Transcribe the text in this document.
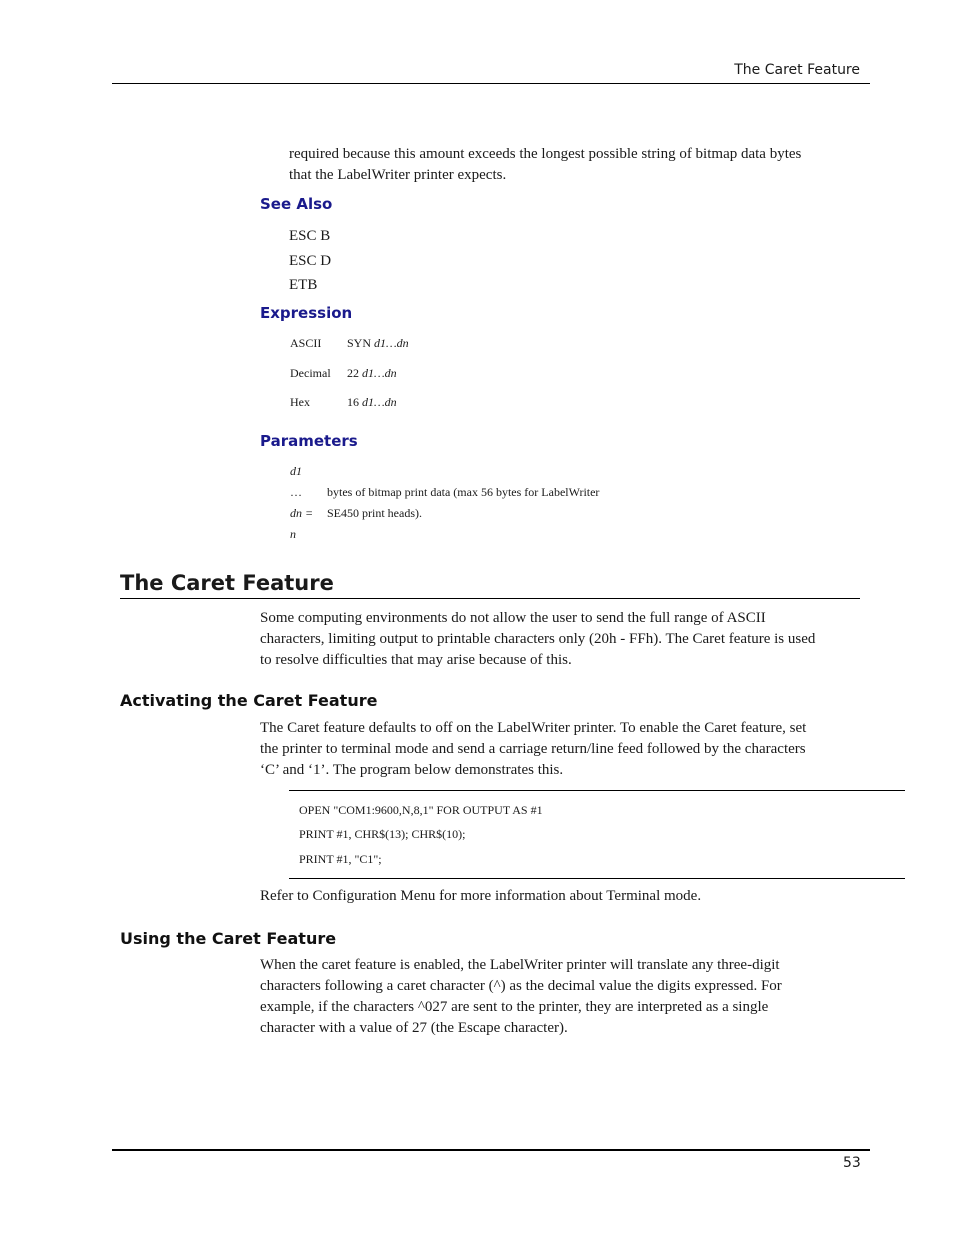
The Caret Feature
required because this amount exceeds the longest possible string of bitmap data bytes
that the LabelWriter printer expects.
See Also
ESC B
ESC D
ETB
Expression
ASCII SYN d1…dn
Decimal 22 d1…dn
Hex	16 d1…dn
Parameters
d1
…
dn =
n
bytes of bitmap print data (max 56 bytes for LabelWriter
SE450 print heads).
The Caret Feature
Some computing environments do not allow the user to send the full range of ASCII
characters, limiting output to printable characters only (20h - FFh). The Caret feature is used
to resolve difficulties that may arise because of this.
Activating the Caret Feature
The Caret feature defaults to off on the LabelWriter printer. To enable the Caret feature, set
the printer to terminal mode and send a carriage return/line feed followed by the characters
‘C’ and ‘1’. The program below demonstrates this.
OPEN "COM1:9600,N,8,1" FOR OUTPUT AS #1
PRINT #1, CHR$(13); CHR$(10);
PRINT #1, "C1";
Refer to Configuration Menu for more information about Terminal mode.
Using the Caret Feature
When the caret feature is enabled, the LabelWriter printer will translate any three-digit
characters following a caret character (^) as the decimal value the digits expressed. For
example, if the characters ^027 are sent to the printer, they are interpreted as a single
character with a value of 27 (the Escape character).
53
